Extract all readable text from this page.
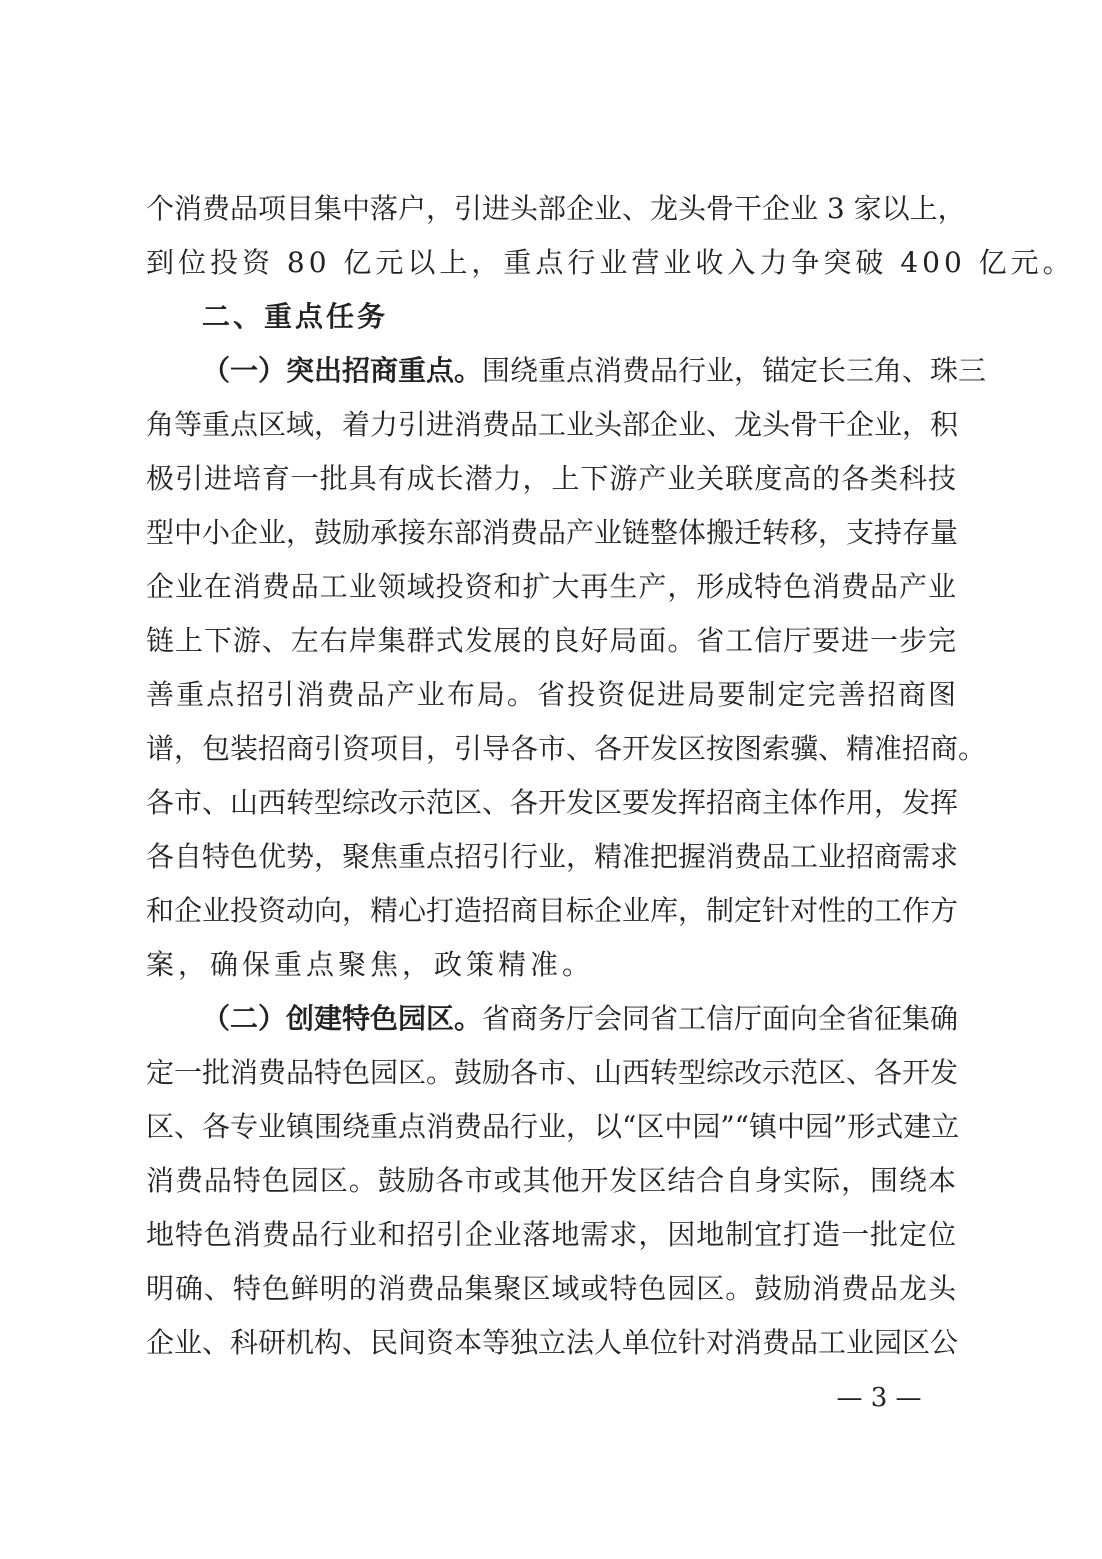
个消费品项目集中落户，引进头部企业、龙头骨干企业 3 家以上，
到位投资 80 亿元以上，重点行业营业收入力争突破 400 亿元。
二、重点任务
（一）突出招商重点。围绕重点消费品行业，锚定长三角、珠三
角等重点区域，着力引进消费品工业头部企业、龙头骨干企业，积
极引进培育一批具有成长潜力，上下游产业关联度高的各类科技
型中小企业，鼓励承接东部消费品产业链整体搬迁转移，支持存量
企业在消费品工业领域投资和扩大再生产，形成特色消费品产业
链上下游、左右岸集群式发展的良好局面。省工信厅要进一步完
善重点招引消费品产业布局。省投资促进局要制定完善招商图
谱，包装招商引资项目，引导各市、各开发区按图索骥、精准招商。
各市、山西转型综改示范区、各开发区要发挥招商主体作用，发挥
各自特色优势，聚焦重点招引行业，精准把握消费品工业招商需求
和企业投资动向，精心打造招商目标企业库，制定针对性的工作方
案，确保重点聚焦，政策精准。
（二）创建特色园区。省商务厅会同省工信厅面向全省征集确
定一批消费品特色园区。鼓励各市、山西转型综改示范区、各开发
区、各专业镇围绕重点消费品行业，以“区中园”“镇中园”形式建立
消费品特色园区。鼓励各市或其他开发区结合自身实际，围绕本
地特色消费品行业和招引企业落地需求，因地制宜打造一批定位
明确、特色鲜明的消费品集聚区域或特色园区。鼓励消费品龙头
企业、科研机构、民间资本等独立法人单位针对消费品工业园区公
— 3 —
